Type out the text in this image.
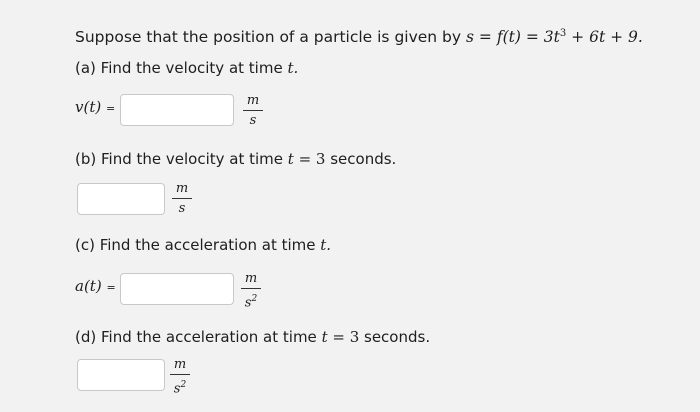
Suppose that the position of a particle is given by $s = f(t) = 3t^3 + 6t + 9$.
(a) Find the velocity at time t.
v(t) =
m
s
(b) Find the velocity at time t = 3 seconds.
m
s
(c) Find the acceleration at time t.
a(t) =
m
$s^2$
(d) Find the acceleration at time t = 3 seconds.
m
$s^2$
